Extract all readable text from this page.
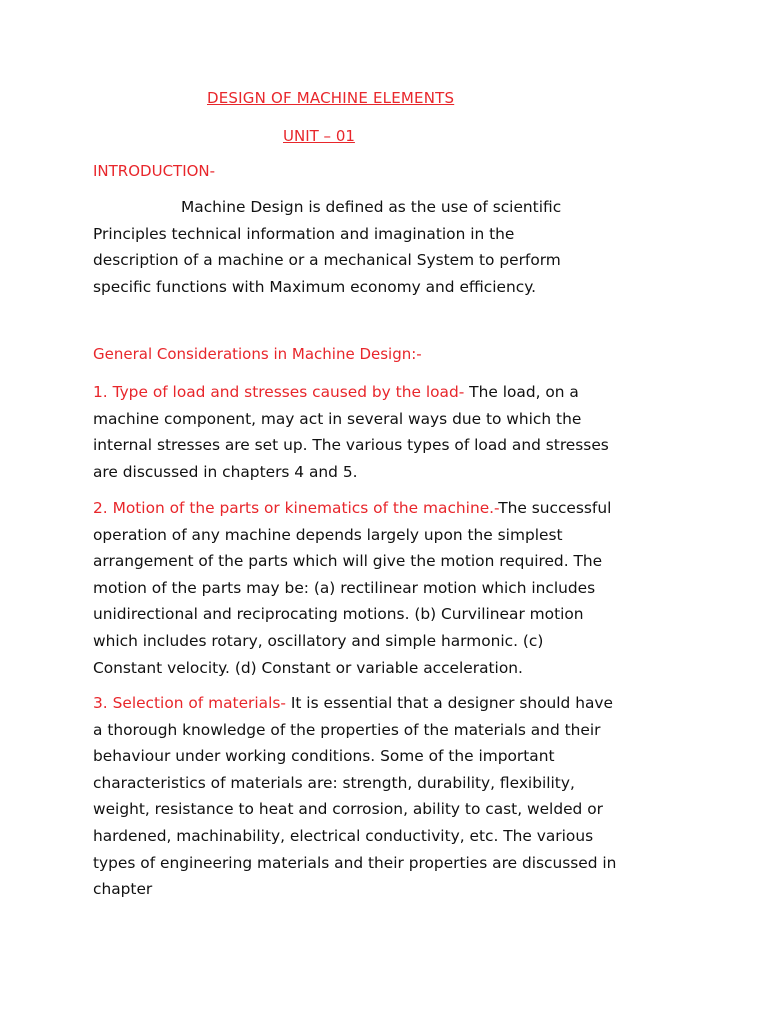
DESIGN OF MACHINE ELEMENTS
UNIT – 01
INTRODUCTION-
Machine Design is defined as the use of scientific
Principles technical information and imagination in the
description of a machine or a mechanical System to perform
specific functions with Maximum economy and efficiency.
General Considerations in Machine Design:-
1. Type of load and stresses caused by the load- The load, on a
machine component, may act in several ways due to which the
internal stresses are set up. The various types of load and stresses
are discussed in chapters 4 and 5.
2. Motion of the parts or kinematics of the machine.-The successful
operation of any machine depends largely upon the simplest
arrangement of the parts which will give the motion required. The
motion of the parts may be: (a) rectilinear motion which includes
unidirectional and reciprocating motions. (b) Curvilinear motion
which includes rotary, oscillatory and simple harmonic. (c)
Constant velocity. (d) Constant or variable acceleration.
3. Selection of materials- It is essential that a designer should have
a thorough knowledge of the properties of the materials and their
behaviour under working conditions. Some of the important
characteristics of materials are: strength, durability, flexibility,
weight, resistance to heat and corrosion, ability to cast, welded or
hardened, machinability, electrical conductivity, etc. The various
types of engineering materials and their properties are discussed in
chapter
